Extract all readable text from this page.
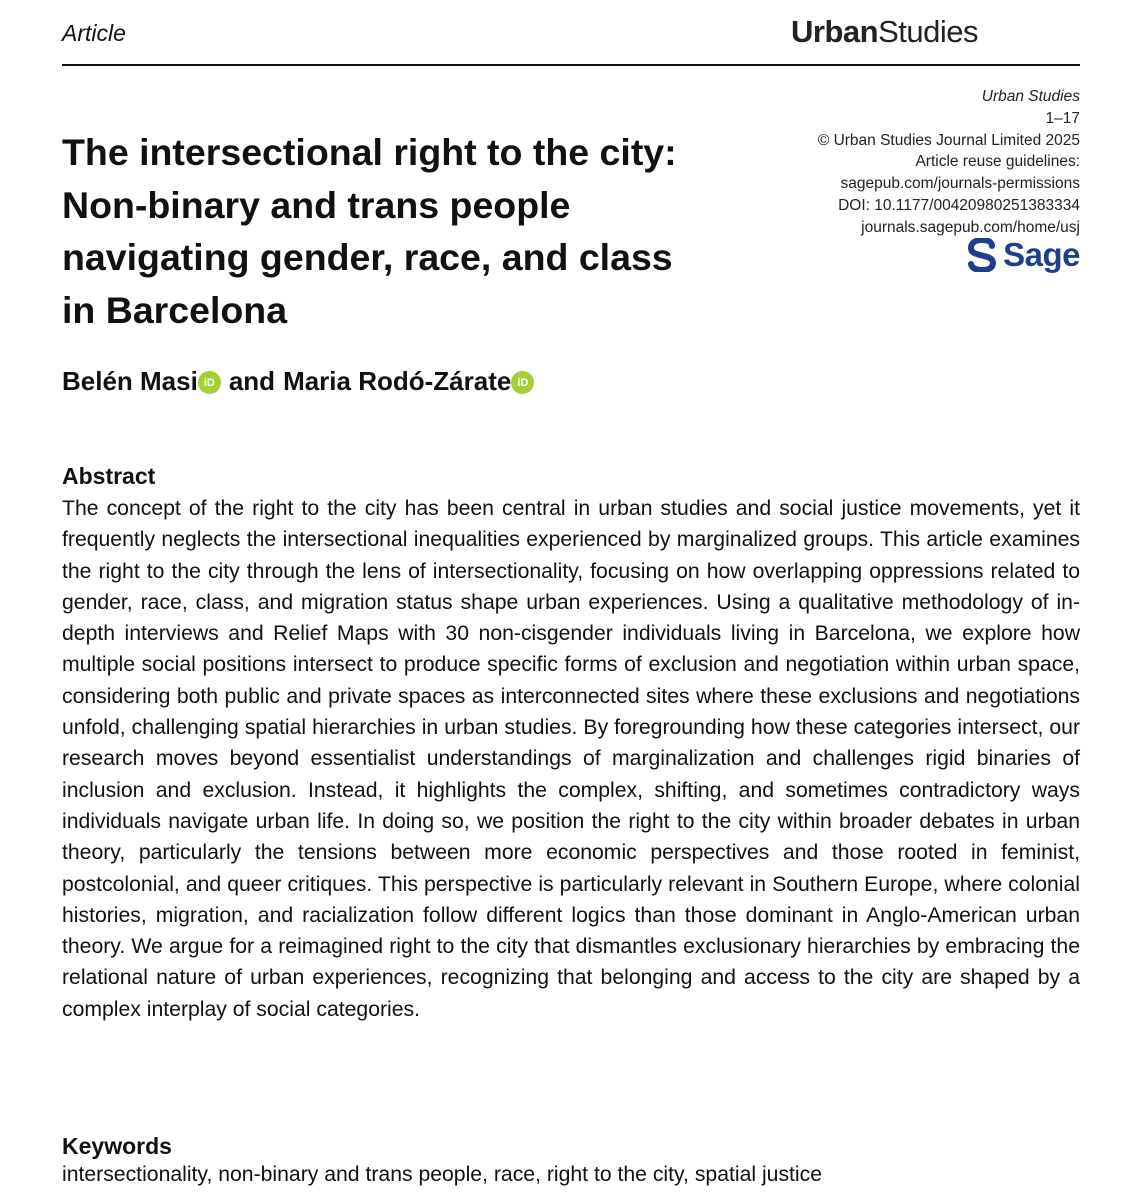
Article	UrbanStudies
Urban Studies
1–17
© Urban Studies Journal Limited 2025
Article reuse guidelines:
sagepub.com/journals-permissions
DOI: 10.1177/00420980251383334
journals.sagepub.com/home/usj
Sage
The intersectional right to the city: Non-binary and trans people navigating gender, race, and class in Barcelona
Belén Masi iD and Maria Rodó-Zárate iD
Abstract

The concept of the right to the city has been central in urban studies and social justice movements, yet it frequently neglects the intersectional inequalities experienced by marginalized groups. This article examines the right to the city through the lens of intersectionality, focusing on how overlapping oppressions related to gender, race, class, and migration status shape urban experiences. Using a qualitative methodology of in-depth interviews and Relief Maps with 30 non-cisgender individuals living in Barcelona, we explore how multiple social positions intersect to produce specific forms of exclusion and negotiation within urban space, considering both public and private spaces as interconnected sites where these exclusions and negotiations unfold, challenging spatial hierarchies in urban studies. By foregrounding how these categories intersect, our research moves beyond essentialist understandings of marginalization and challenges rigid binaries of inclusion and exclusion. Instead, it highlights the complex, shifting, and sometimes contradictory ways individuals navigate urban life. In doing so, we position the right to the city within broader debates in urban theory, particularly the tensions between more economic perspectives and those rooted in feminist, postcolonial, and queer critiques. This perspective is particularly relevant in Southern Europe, where colonial histories, migration, and racialization follow different logics than those dominant in Anglo-American urban theory. We argue for a reimagined right to the city that dismantles exclusionary hierarchies by embracing the relational nature of urban experiences, recognizing that belonging and access to the city are shaped by a complex interplay of social categories.

Keywords
intersectionality, non-binary and trans people, race, right to the city, spatial justice
